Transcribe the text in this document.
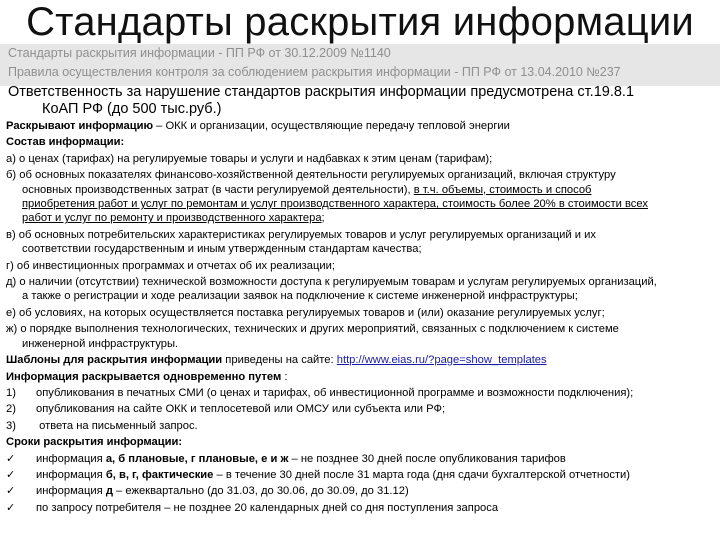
Стандарты раскрытия информации
Стандарты раскрытия информации - ПП РФ от 30.12.2009 №1140
Правила осуществления контроля за соблюдением раскрытия информации - ПП РФ от 13.04.2010 №237
Ответственность за нарушение стандартов раскрытия информации предусмотрена ст.19.8.1
КоАП РФ (до 500 тыс.руб.)
Раскрывают информацию – ОКК и организации, осуществляющие передачу тепловой энергии
Состав информации:
а) о ценах (тарифах) на регулируемые товары и услуги и надбавках к этим ценам (тарифам);
б) об основных показателях финансово-хозяйственной деятельности регулируемых организаций, включая структуру
основных производственных затрат (в части регулируемой деятельности), в т.ч. объемы, стоимость и способ
приобретения работ и услуг по ремонтам и услуг производственного характера, стоимость более 20% в стоимости всех
работ и услуг по ремонту и производственного характера;
в) об основных потребительских характеристиках регулируемых товаров и услуг регулируемых организаций и их
соответствии государственным и иным утвержденным стандартам качества;
г) об инвестиционных программах и отчетах об их реализации;
д) о наличии (отсутствии) технической возможности доступа к регулируемым товарам и услугам регулируемых организаций,
а также о регистрации и ходе реализации заявок на подключение к системе инженерной инфраструктуры;
е) об условиях, на которых осуществляется поставка регулируемых товаров и (или) оказание регулируемых услуг;
ж) о порядке выполнения технологических, технических и других мероприятий, связанных с подключением к системе
инженерной инфраструктуры.
Шаблоны для раскрытия информации приведены на сайте: http://www.eias.ru/?page=show_templates
Информация раскрывается одновременно путем :
1) опубликования в печатных СМИ (о ценах и тарифах, об инвестиционной программе и возможности подключения);
2) опубликования на сайте ОКК и теплосетевой или ОМСУ или субъекта или РФ;
3) ответа на письменный запрос.
Сроки раскрытия информации:
✓ информация а, б плановые, г плановые, е и ж – не позднее 30 дней после опубликования тарифов
✓ информация б, в, г, фактические – в течение 30 дней после 31 марта года (дня сдачи бухгалтерской отчетности)
✓ информация д – ежеквартально (до 31.03, до 30.06, до 30.09, до 31.12)
✓ по запросу потребителя – не позднее 20 календарных дней со дня поступления запроса
